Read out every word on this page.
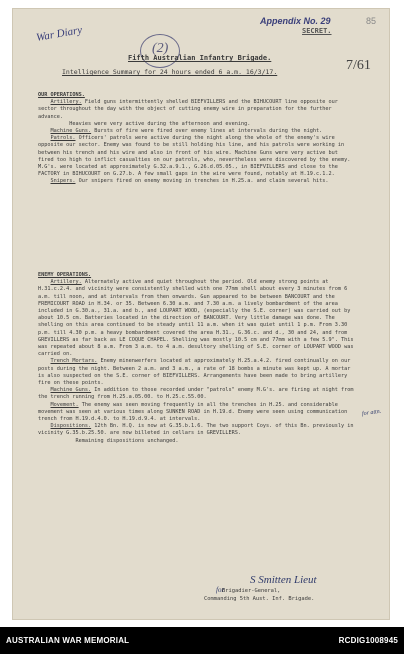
War Diary
(2)
Appendix No. 29	85
SECRET.
7/61
Fifth Australian Infantry Brigade.
Intelligence Summary for 24 hours ended 6 a.m. 16/3/17.

OUR OPERATIONS.

Artillery. Field guns intermittently shelled BIEFVILLERS and the BIHUCOURT line opposite our sector throughout the day with the object of cutting enemy wire in preparation for the further advance.

Heavies were very active during the afternoon and evening.

Machine Guns. Bursts of fire were fired over enemy lines at intervals during the night.

Patrols. Officers' patrols were active during the night along the whole of the enemy's wire opposite our sector. Enemy was found to be still holding his line, and his patrols were working in between his trench and his wire and also in front of his wire. Machine Guns were very active but fired too high to inflict casualties on our patrols, who, nevertheless were discovered by the enemy. M.G's. were located at approximately G.32.a.9.1., G.26.d.05.05., in BIEFVILLERS and close to the FACTORY in BIHUCOURT on G.27.b. A few small gaps in the wire were found, notably at H.19.c.1.2.

Snipers. Our snipers fired on enemy moving in trenches in H.25.a. and claim several hits.

ENEMY OPERATIONS.

Artillery. Alternately active and quiet throughout the period. Old enemy strong points at H.31.c.2.4. and vicinity were consistently shelled with one 77mm shell about every 3 minutes from 6 a.m. till noon, and at intervals from then onwards. Gun appeared to be between BANCOURT and the FREMICOURT ROAD in H.34. or 35. Between 6.30 a.m. and 7.30 a.m. a lively bombardment of the area included in G.30.a., 31.a. and b., and LOUPART WOOD, (especially the S.E. corner) was carried out by about 10.5 cm. Batteries located in the direction of BANCOURT. Very little damage was done. The shelling on this area continued to be steady until 11 a.m. when it was quiet until 1 p.m. From 3.30 p.m. till 4.30 p.m. a heavy bombardment covered the area H.31., G.36.c. and d., 30 and 24, and from GREVILLERS as far back as LE COQUE CHAPEL. Shelling was mostly 10.5 cm and 77mm with a few 5.9". This was repeated about 8 a.m. From 3 a.m. to 4 a.m. desultory shelling of S.E. corner of LOUPART WOOD was carried on.

Trench Mortars. Enemy minenwerfers located at approximately H.25.a.4.2. fired continually on our posts during the night. Between 2 a.m. and 3 a.m., a rate of 18 bombs a minute was kept up. A mortar is also suspected on the S.E. corner of BIEFVILLERS. Arrangements have been made to bring artillery fire on these points.

Machine Guns. In addition to those recorded under "patrols" enemy M.G's. are firing at night from the trench running from H.25.a.05.00. to H.25.c.55.00.

Movement. The enemy was seen moving frequently in all the trenches in H.25. and considerable movement was seen at various times along SUNKEN ROAD in H.19.d. Enemy were seen using communication trench from H.19.d.4.0. to H.19.d.9.4. at intervals.

Dispositions. 12th Bn. H.Q. is now at G.35.b.1.6. The two support Coys. of this Bn. previously in vicinity G.35.b.25.50. are now billeted in cellars in GREVILLERS.

Remaining dispositions unchanged.

for attn.
S Smitten Lieut
for
Brigadier-General,
Commanding 5th Aust. Inf. Brigade.
AUSTRALIAN WAR MEMORIAL	RCDIG1008945
